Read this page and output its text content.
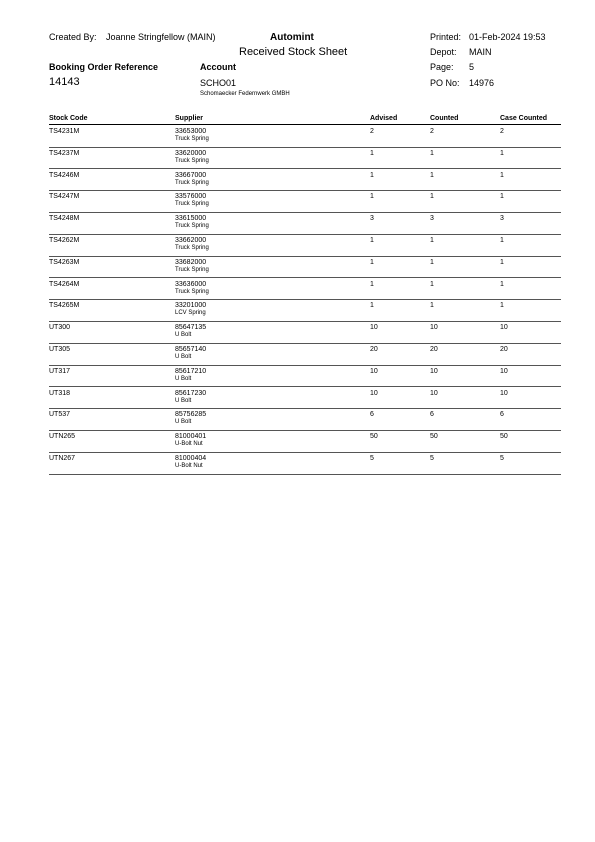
Created By: Joanne Stringfellow (MAIN)	Automint
Received Stock Sheet
Printed: 01-Feb-2024 19:53
Depot: MAIN
Page: 5
Booking Order Reference
14143
Account
SCHO01
Schomaecker Federnwerk GMBH
PO No: 14976
Stock Code	Supplier	Advised	Counted	Case Counted
TS4231M	33653000	2	2	2
Truck Spring
TS4237M	33620000	1	1	1
Truck Spring
TS4246M	33667000	1	1	1
Truck Spring
TS4247M	33576000	1	1	1
Truck Spring
TS4248M	33615000	3	3	3
Truck Spring
TS4262M	33662000	1	1	1
Truck Spring
TS4263M	33682000	1	1	1
Truck Spring
TS4264M	33636000	1	1	1
Truck Spring
TS4265M	33201000	1	1	1
LCV Spring
UT300	85647135	10	10	10
U Bolt
UT305	85657140	20	20	20
U Bolt
UT317	85617210	10	10	10
U Bolt
UT318	85617230	10	10	10
U Bolt
UT537	85756285	6	6	6
U Bolt
UTN265	81000401	50	50	50
U-Bolt Nut
UTN267	81000404	5	5	5
U-Bolt Nut
